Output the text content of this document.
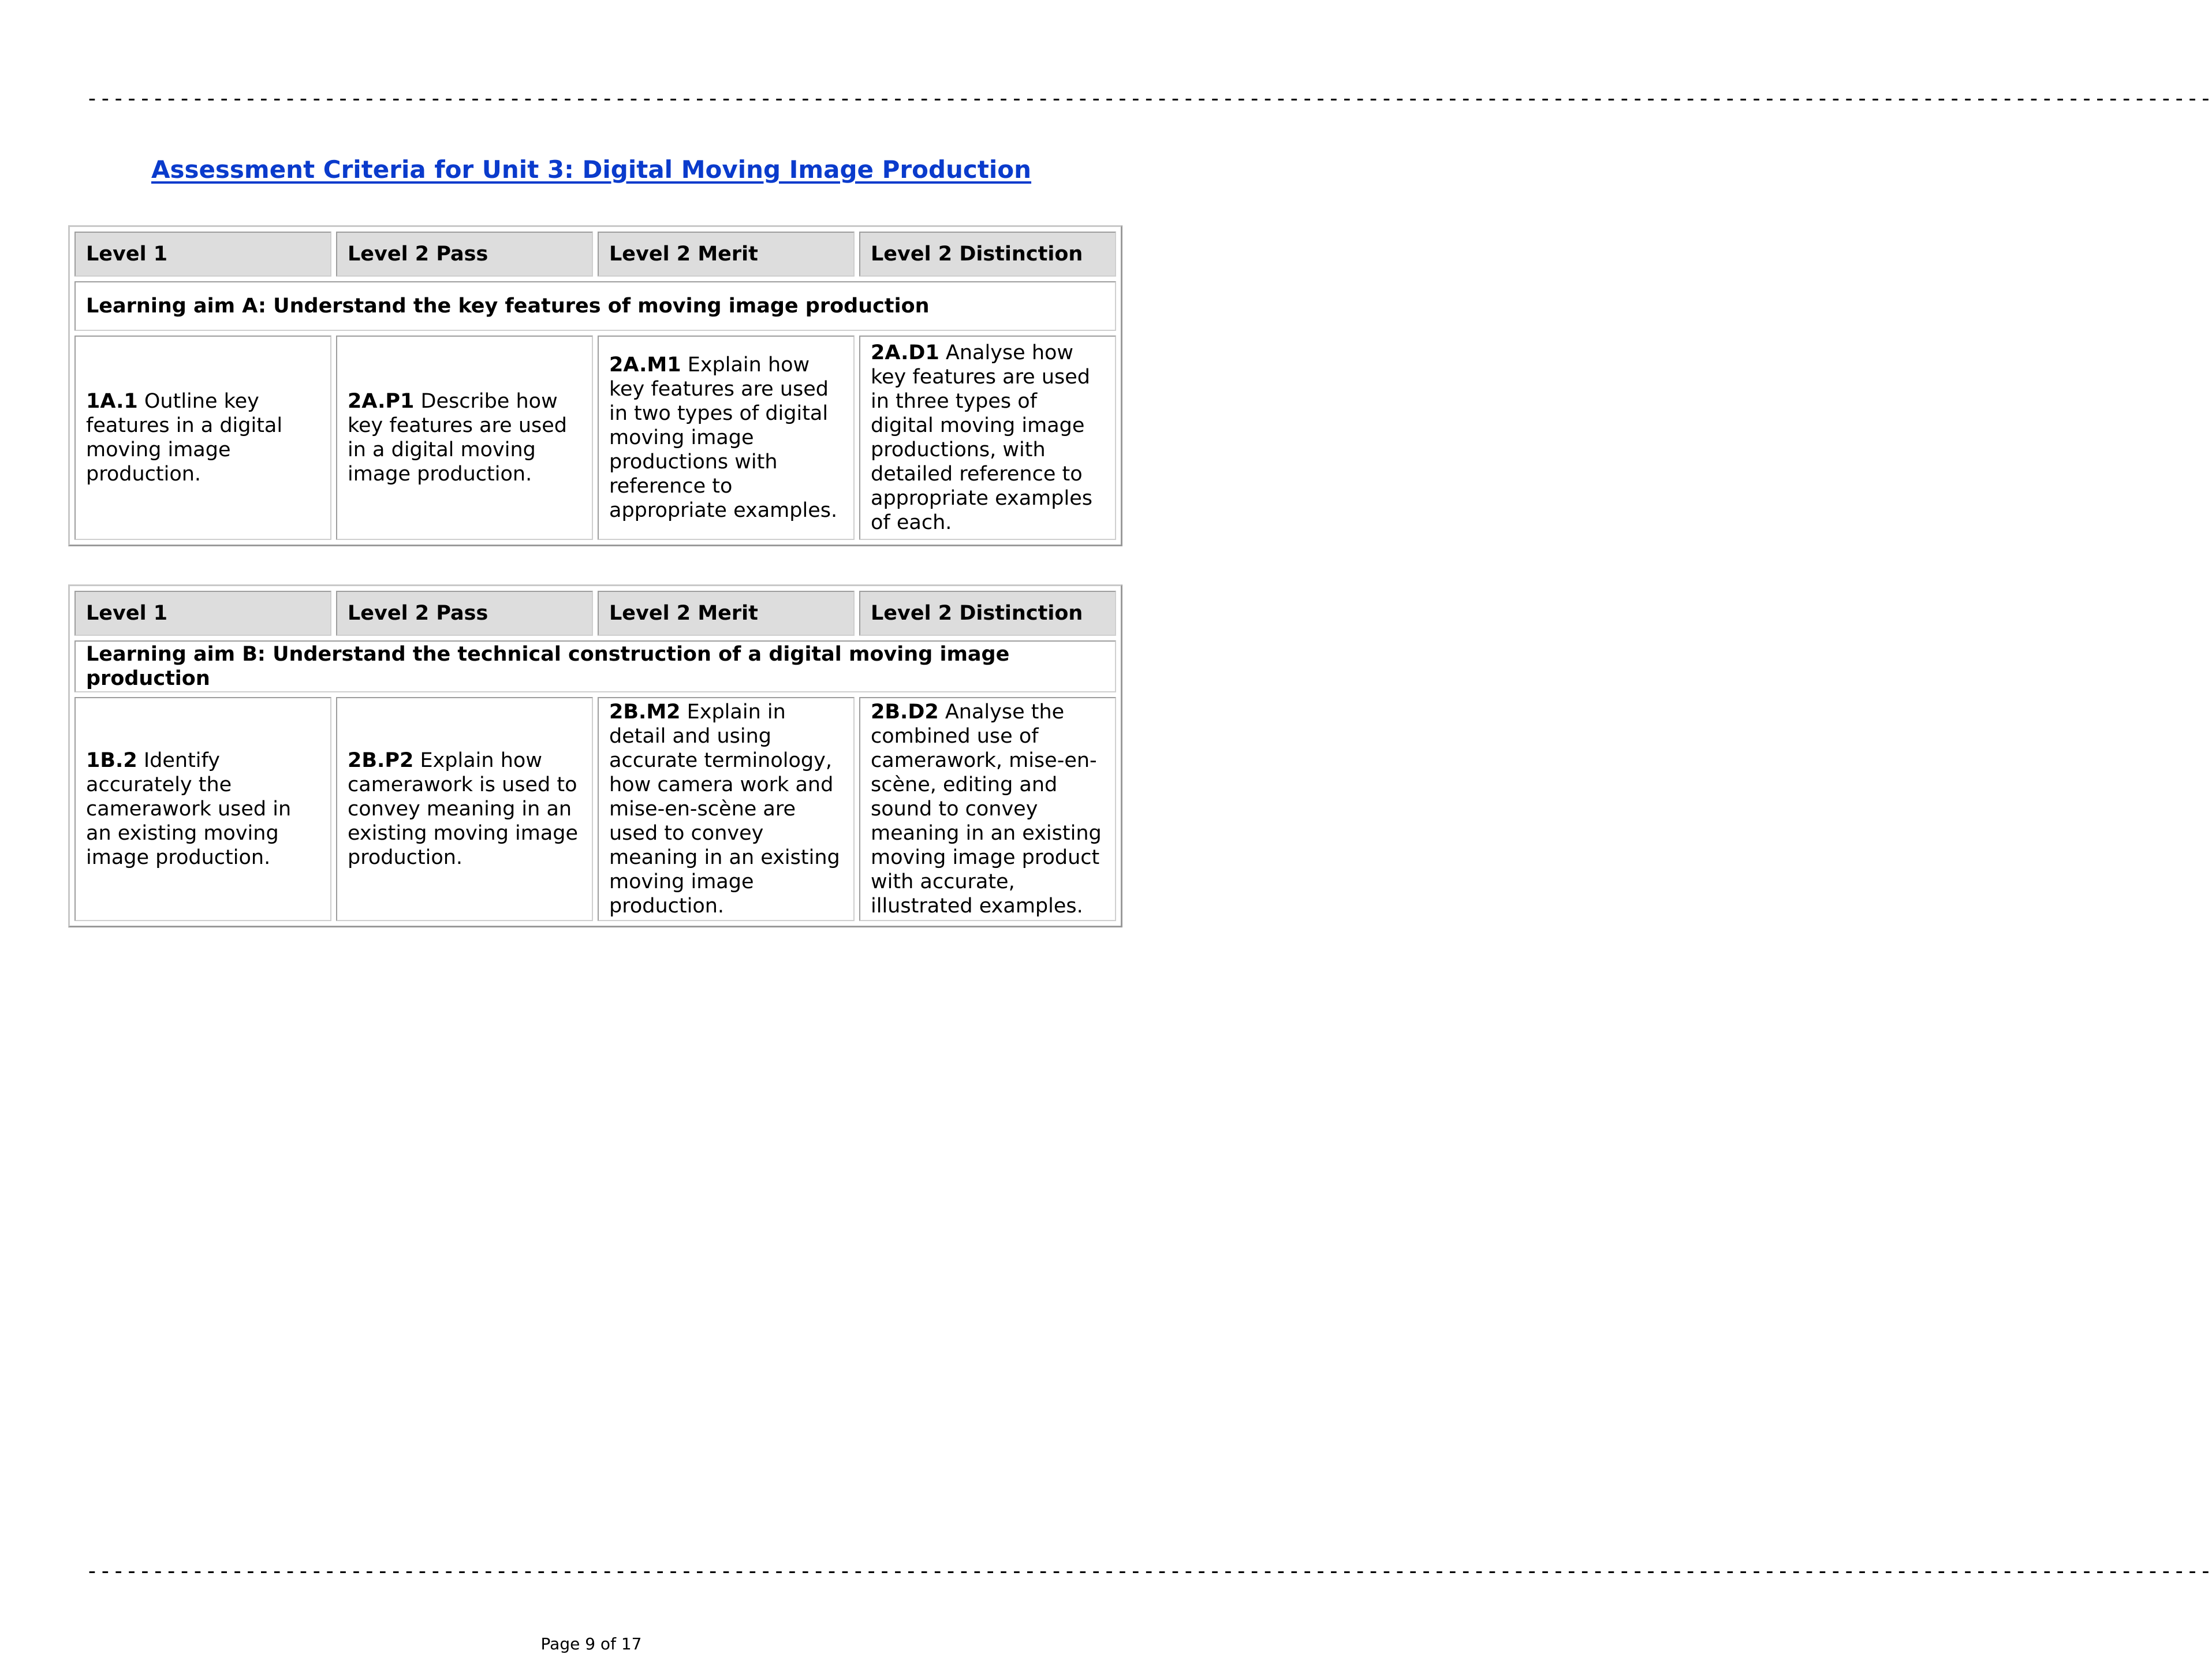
-----------------------------------------------------------------------------------------------------------------------------------------------------------------
Assessment Criteria for Unit 3: Digital Moving Image Production
Level 1	Level 2 Pass	Level 2 Merit	Level 2 Distinction
Learning aim A: Understand the key features of moving image production			
1A.1 Outline key features in a digital moving image production.	2A.P1 Describe how key features are used in a digital moving image production.	2A.M1 Explain how key features are used in two types of digital moving image productions with reference to appropriate examples.	2A.D1 Analyse how key features are used in three types of digital moving image productions, with detailed reference to appropriate examples of each.
Level 1	Level 2 Pass	Level 2 Merit	Level 2 Distinction
Learning aim B: Understand the technical construction of a digital moving image production			
1B.2 Identify accurately the camerawork used in an existing moving image production.	2B.P2 Explain how camerawork is used to convey meaning in an existing moving image production.	2B.M2 Explain in detail and using accurate terminology, how camera work and mise-en-scène are used to convey meaning in an existing moving image production.	2B.D2 Analyse the combined use of camerawork, mise-en-scène, editing and sound to convey meaning in an existing moving image product with accurate, illustrated examples.
-----------------------------------------------------------------------------------------------------------------------------------------------------------------
Page 9 of 17
